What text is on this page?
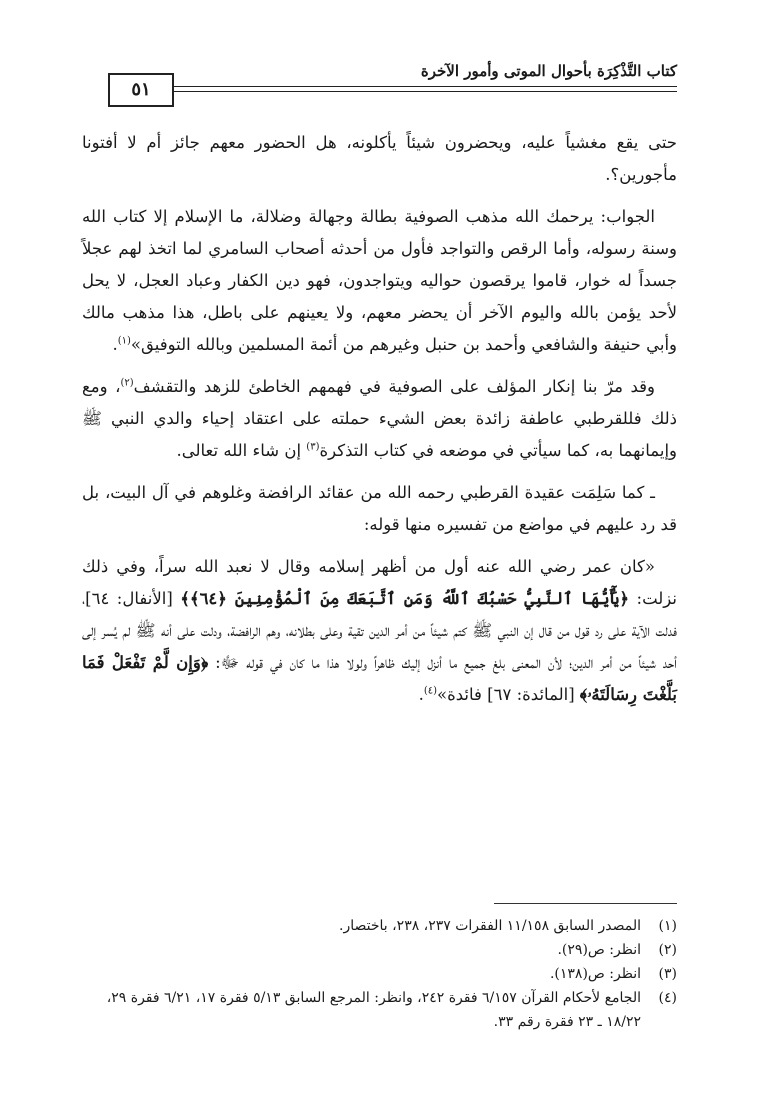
كتاب التَّذْكِرَة بأحوال الموتى وأمور الآخرة
٥١

حتى يقع مغشياً عليه، ويحضرون شيئاً يأكلونه، هل الحضور معهم جائز أم لا أفتونا مأجورين؟.

الجواب: يرحمك الله مذهب الصوفية بطالة وجهالة وضلالة، ما الإسلام إلا كتاب الله وسنة رسوله، وأما الرقص والتواجد فأول من أحدثه أصحاب السامري لما اتخذ لهم عجلاً جسداً له خوار، قاموا يرقصون حواليه ويتواجدون، فهو دين الكفار وعباد العجل، لا يحل لأحد يؤمن بالله واليوم الآخر أن يحضر معهم، ولا يعينهم على باطل، هذا مذهب مالك وأبي حنيفة والشافعي وأحمد بن حنبل وغيرهم من أئمة المسلمين وبالله التوفيق»$^{(١)}$.

وقد مرّ بنا إنكار المؤلف على الصوفية في فهمهم الخاطئ للزهد والتقشف$^{(٢)}$، ومع ذلك فللقرطبي عاطفة زائدة بعض الشيء حملته على اعتقاد إحياء والدي النبي ﷺ وإيمانهما به، كما سيأتي في موضعه في كتاب التذكرة$^{(٣)}$ إن شاء الله تعالى.

ـ كما سَلِمَت عقيدة القرطبي رحمه الله من عقائد الرافضة وغلوهم في آل البيت، بل قد رد عليهم في مواضع من تفسيره منها قوله:

«كان عمر رضي الله عنه أول من أظهر إسلامه وقال لا نعبد الله سراً، وفي ذلك نزلت: ﴿يَٰٓأَيُّهَا ٱلنَّبِيُّ حَسْبُكَ ٱللَّهُ وَمَنِ ٱتَّبَعَكَ مِنَ ٱلْمُؤْمِنِينَ ﴿٦٤﴾﴾ [الأنفال: ٦٤]، فدلت الآية على رد قول من قال إن النبي ﷺ كتم شيئاً من أمر الدين تقية وعلى بطلانه، وهم الرافضة، ودلت على أنه ﷺ لم يُسر إلى أحد شيئاً من أمر الدين؛ لأن المعنى بلغ جميع ما أنزل إليك ظاهراً ولولا هذا ما كان في قوله ﷻ: ﴿وَإِن لَّمْ تَفْعَلْ فَمَا بَلَّغْتَ رِسَالَتَهُۥ﴾ [المائدة: ٦٧] فائدة»$^{(٤)}$.

(١)المصدر السابق ١١/١٥٨ الفقرات ٢٣٧، ٢٣٨، باختصار.

(٢)انظر: ص(٢٩).

(٣)انظر: ص(١٣٨).

(٤)الجامع لأحكام القرآن ٦/١٥٧ فقرة ٢٤٢، وانظر: المرجع السابق ٥/١٣ فقرة ١٧، ٦/٢١ فقرة ٢٩، ١٨/٢٢ ـ ٢٣ فقرة رقم ٣٣.
